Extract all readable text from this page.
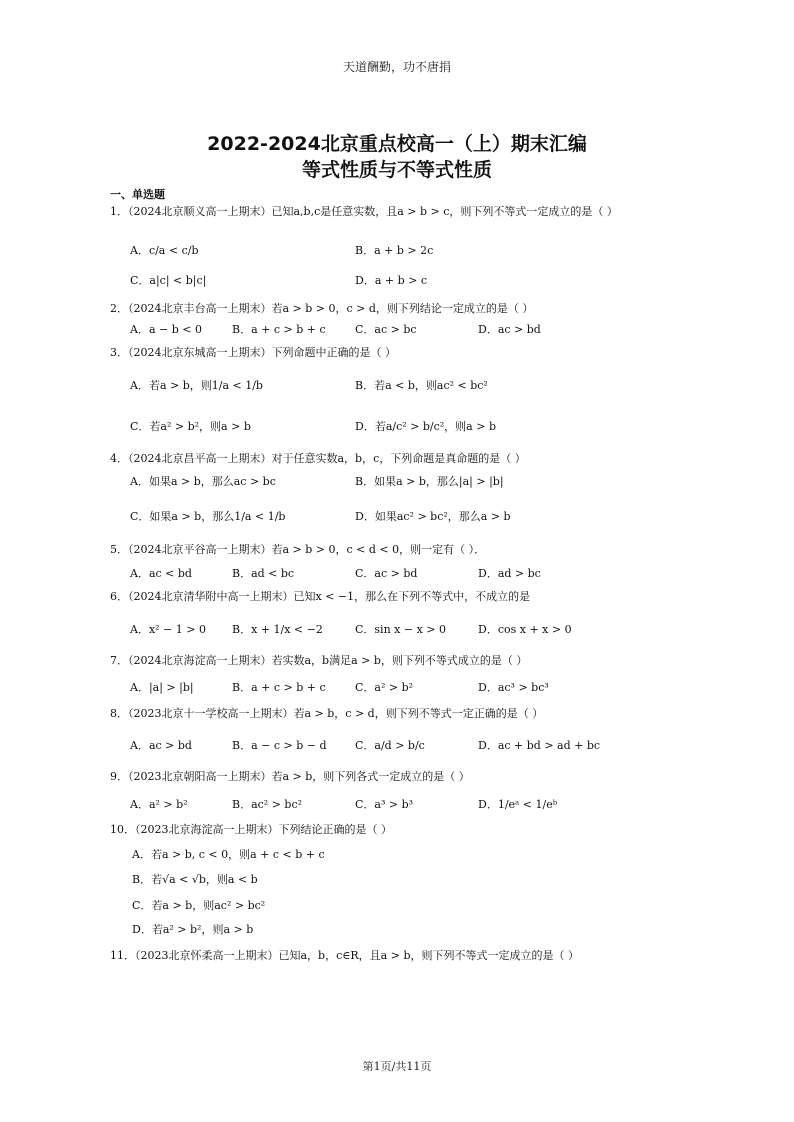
天道酬勤，功不唐捐
2022-2024北京重点校高一（上）期末汇编
等式性质与不等式性质
一、单选题
1．（2024北京顺义高一上期末）已知a,b,c是任意实数，且a > b > c，则下列不等式一定成立的是（ ）
A．c/a < c/b	B．a + b > 2c
C．a|c| < b|c|	D．a + b > c
2．（2024北京丰台高一上期末）若a > b > 0，c > d，则下列结论一定成立的是（ ）
A．a − b < 0	B．a + c > b + c	C．ac > bc	D．ac > bd
3．（2024北京东城高一上期末）下列命题中正确的是（ ）
A．若a > b，则1/a < 1/b	B．若a < b，则ac² < bc²
C．若a² > b²，则a > b	D．若a/c² > b/c²，则a > b
4．（2024北京昌平高一上期末）对于任意实数a，b，c，下列命题是真命题的是（ ）
A．如果a > b，那么ac > bc	B．如果a > b，那么|a| > |b|
C．如果a > b，那么1/a < 1/b	D．如果ac² > bc²，那么a > b
5．（2024北京平谷高一上期末）若a > b > 0，c < d < 0，则一定有（ ）．
A．ac < bd	B．ad < bc	C．ac > bd	D．ad > bc
6．（2024北京清华附中高一上期末）已知x < −1，那么在下列不等式中，不成立的是
A．x² − 1 > 0 B．x + 1/x < −2	C．sin x − x > 0	D．cos x + x > 0
7．（2024北京海淀高一上期末）若实数a，b满足a > b，则下列不等式成立的是（ ）
A．|a| > |b|	B．a + c > b + c	C．a² > b²	D．ac³ > bc³
8．（2023北京十一学校高一上期末）若a > b，c > d，则下列不等式一定正确的是（ ）
A．ac > bd	B．a − c > b − d	C．a/d > b/c	D．ac + bd > ad + bc
9．（2023北京朝阳高一上期末）若a > b，则下列各式一定成立的是（ ）
A．a² > b²	B．ac² > bc²	C．a³ > b³	D．1/eᵃ < 1/eᵇ
10．（2023北京海淀高一上期末）下列结论正确的是（ ）
A．若a > b, c < 0，则a + c < b + c
B．若√a < √b，则a < b
C．若a > b，则ac² > bc²
D．若a² > b²，则a > b
11．（2023北京怀柔高一上期末）已知a，b，c∈R，且a > b，则下列不等式一定成立的是（ ）
第1页/共11页
